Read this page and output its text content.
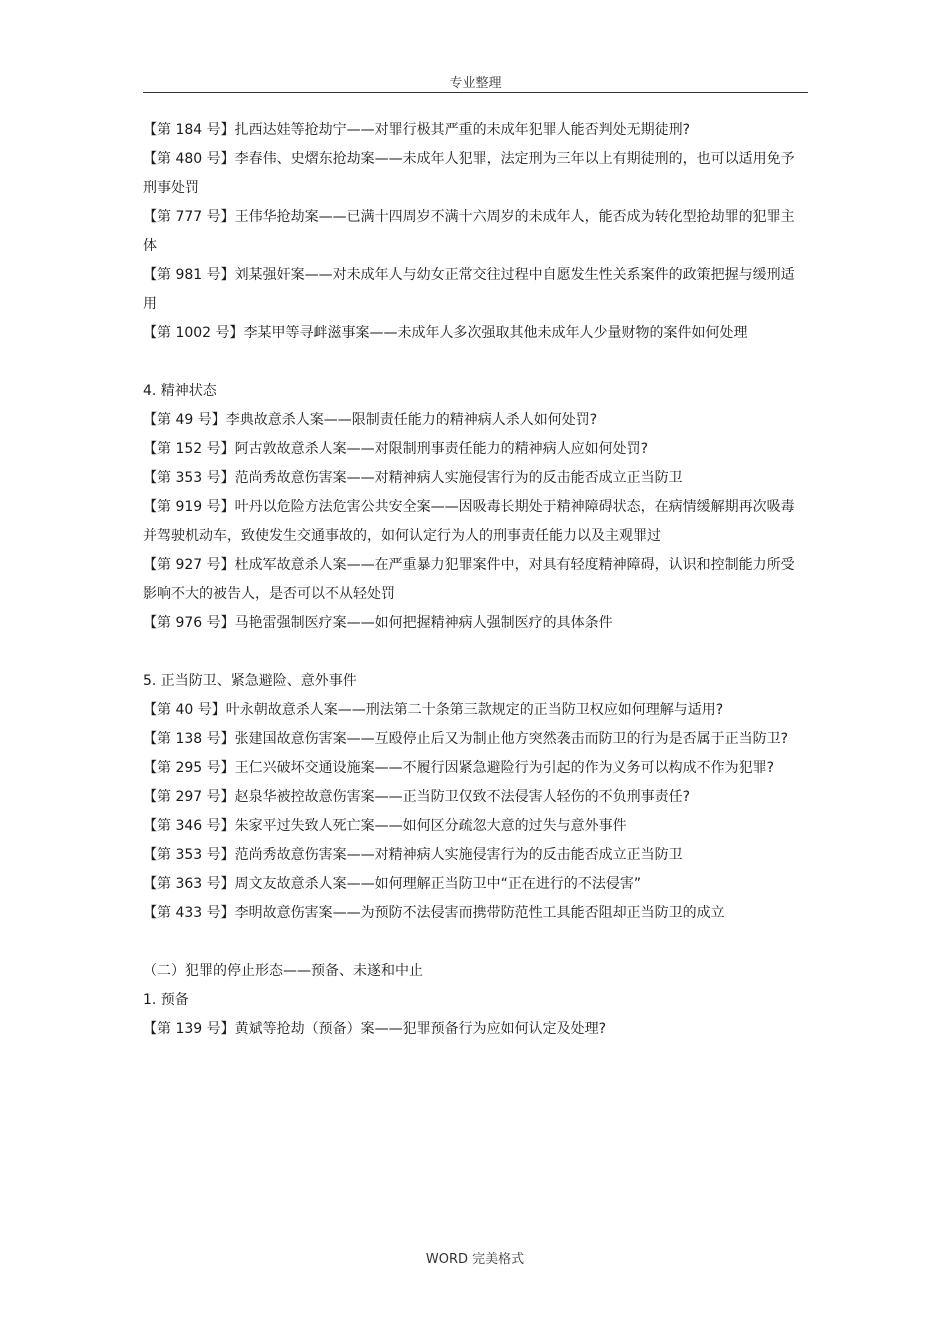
专业整理

【第 184 号】扎西达娃等抢劫宁——对罪行极其严重的未成年犯罪人能否判处无期徒刑?

【第 480 号】李春伟、史熠东抢劫案——未成年人犯罪，法定刑为三年以上有期徒刑的，也可以适用免予刑事处罚

【第 777 号】王伟华抢劫案——已满十四周岁不满十六周岁的未成年人，能否成为转化型抢劫罪的犯罪主体

【第 981 号】刘某强奸案——对未成年人与幼女正常交往过程中自愿发生性关系案件的政策把握与缓刑适用

【第 1002 号】李某甲等寻衅滋事案——未成年人多次强取其他未成年人少量财物的案件如何处理

4. 精神状态

【第 49 号】李典故意杀人案——限制责任能力的精神病人杀人如何处罚?

【第 152 号】阿古敦故意杀人案——对限制刑事责任能力的精神病人应如何处罚?

【第 353 号】范尚秀故意伤害案——对精神病人实施侵害行为的反击能否成立正当防卫

【第 919 号】叶丹以危险方法危害公共安全案——因吸毒长期处于精神障碍状态，在病情缓解期再次吸毒并驾驶机动车，致使发生交通事故的，如何认定行为人的刑事责任能力以及主观罪过

【第 927 号】杜成军故意杀人案——在严重暴力犯罪案件中，对具有轻度精神障碍，认识和控制能力所受影响不大的被告人，是否可以不从轻处罚

【第 976 号】马艳雷强制医疗案——如何把握精神病人强制医疗的具体条件

5. 正当防卫、紧急避险、意外事件

【第 40 号】叶永朝故意杀人案——刑法第二十条第三款规定的正当防卫权应如何理解与适用?

【第 138 号】张建国故意伤害案——互殴停止后又为制止他方突然袭击而防卫的行为是否属于正当防卫?

【第 295 号】王仁兴破坏交通设施案——不履行因紧急避险行为引起的作为义务可以构成不作为犯罪?

【第 297 号】赵泉华被控故意伤害案——正当防卫仅致不法侵害人轻伤的不负刑事责任?

【第 346 号】朱家平过失致人死亡案——如何区分疏忽大意的过失与意外事件

【第 353 号】范尚秀故意伤害案——对精神病人实施侵害行为的反击能否成立正当防卫

【第 363 号】周文友故意杀人案——如何理解正当防卫中“正在进行的不法侵害”

【第 433 号】李明故意伤害案——为预防不法侵害而携带防范性工具能否阻却正当防卫的成立

（二）犯罪的停止形态——预备、未遂和中止

1. 预备

【第 139 号】黄斌等抢劫（预备）案——犯罪预备行为应如何认定及处理?

WORD 完美格式
